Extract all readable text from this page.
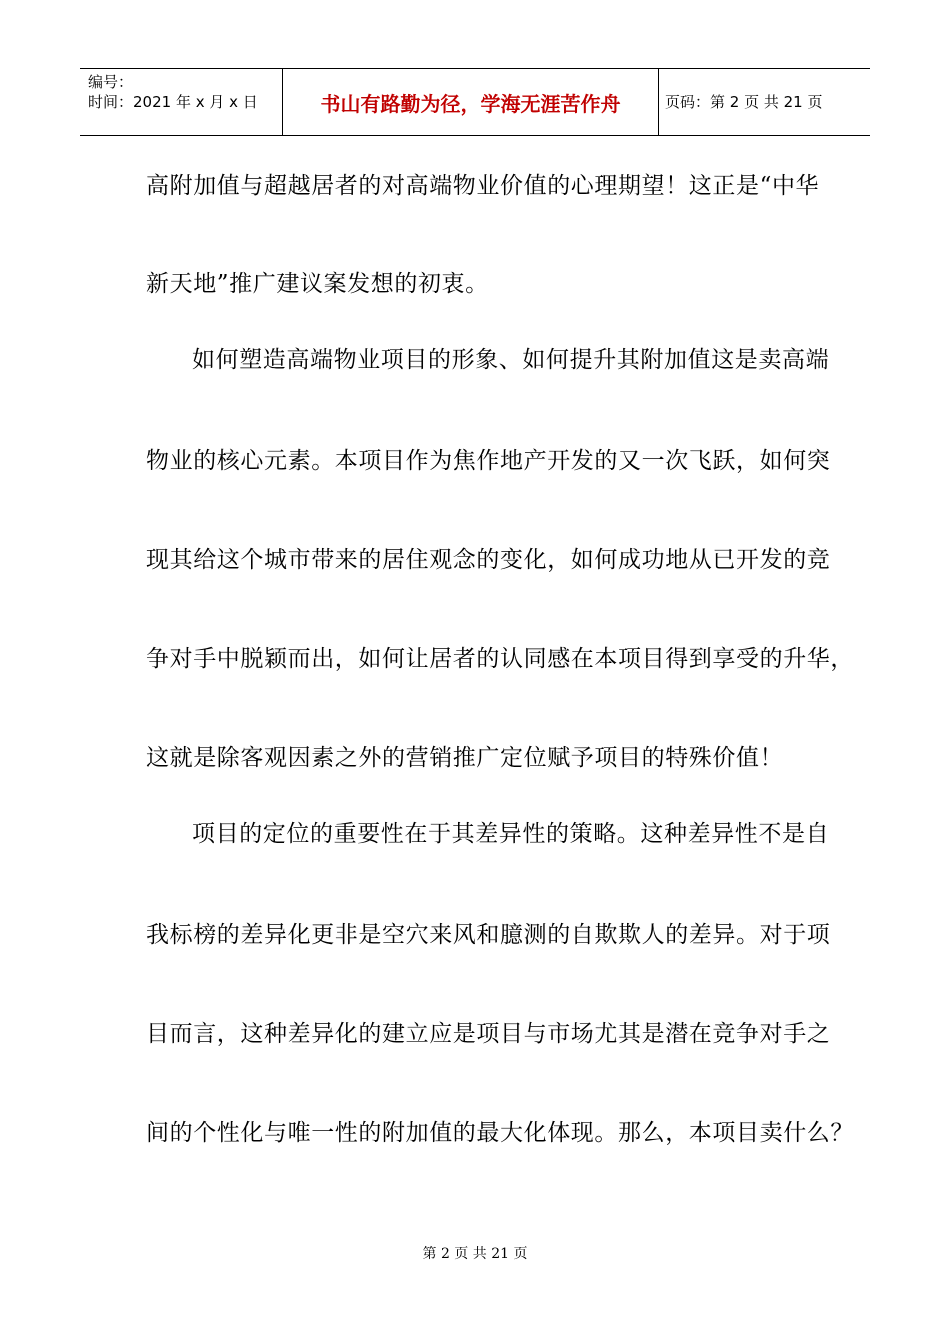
编号：
时间：2021 年 x 月 x 日	书山有路勤为径，学海无涯苦作舟	页码：第 2 页 共 21 页
高附加值与超越居者的对高端物业价值的心理期望！这正是“中华
新天地”推广建议案发想的初衷。
如何塑造高端物业项目的形象、如何提升其附加值这是卖高端
物业的核心元素。本项目作为焦作地产开发的又一次飞跃，如何突
现其给这个城市带来的居住观念的变化，如何成功地从已开发的竞
争对手中脱颖而出，如何让居者的认同感在本项目得到享受的升华，
这就是除客观因素之外的营销推广定位赋予项目的特殊价值！
项目的定位的重要性在于其差异性的策略。这种差异性不是自
我标榜的差异化更非是空穴来风和臆测的自欺欺人的差异。对于项
目而言，这种差异化的建立应是项目与市场尤其是潜在竞争对手之
间的个性化与唯一性的附加值的最大化体现。那么，本项目卖什么？
第 2 页 共 21 页
